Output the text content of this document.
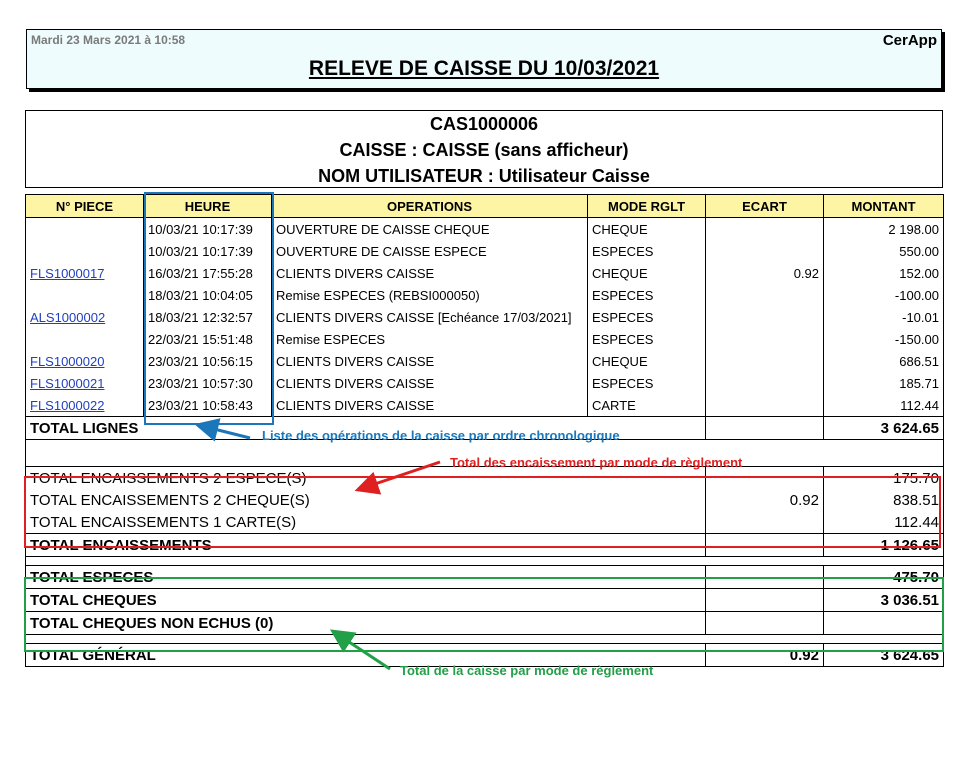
Mardi 23 Mars 2021 à 10:58	CerApp
RELEVE DE CAISSE DU 10/03/2021
CAS1000006
CAISSE : CAISSE (sans afficheur)
NOM UTILISATEUR : Utilisateur Caisse
N° PIECE	HEURE	OPERATIONS	MODE RGLT	ECART	MONTANT
	10/03/21 10:17:39	OUVERTURE DE CAISSE CHEQUE	CHEQUE		2 198.00
	10/03/21 10:17:39	OUVERTURE DE CAISSE ESPECE	ESPECES		550.00
FLS1000017	16/03/21 17:55:28	CLIENTS DIVERS CAISSE	CHEQUE	0.92	152.00
	18/03/21 10:04:05	Remise ESPECES (REBSI000050)	ESPECES		-100.00
ALS1000002	18/03/21 12:32:57	CLIENTS DIVERS CAISSE [Echéance 17/03/2021]	ESPECES		-10.01
	22/03/21 15:51:48	Remise ESPECES	ESPECES		-150.00
FLS1000020	23/03/21 10:56:15	CLIENTS DIVERS CAISSE	CHEQUE		686.51
FLS1000021	23/03/21 10:57:30	CLIENTS DIVERS CAISSE	ESPECES		185.71
FLS1000022	23/03/21 10:58:43	CLIENTS DIVERS CAISSE	CARTE		112.44
TOTAL LIGNES					3 624.65

TOTAL ENCAISSEMENTS 2 ESPECE(S)					175.70
TOTAL ENCAISSEMENTS 2 CHEQUE(S)				0.92	838.51
TOTAL ENCAISSEMENTS 1 CARTE(S)					112.44
TOTAL ENCAISSEMENTS					1 126.65

TOTAL ESPECES					475.70
TOTAL CHEQUES					3 036.51
TOTAL CHEQUES NON ECHUS (0)					

TOTAL GÉNÉRAL				0.92	3 624.65
Liste des opérations de la caisse par ordre chronologique
Total des encaissement par mode de règlement
Total de la caisse par mode de règlement
